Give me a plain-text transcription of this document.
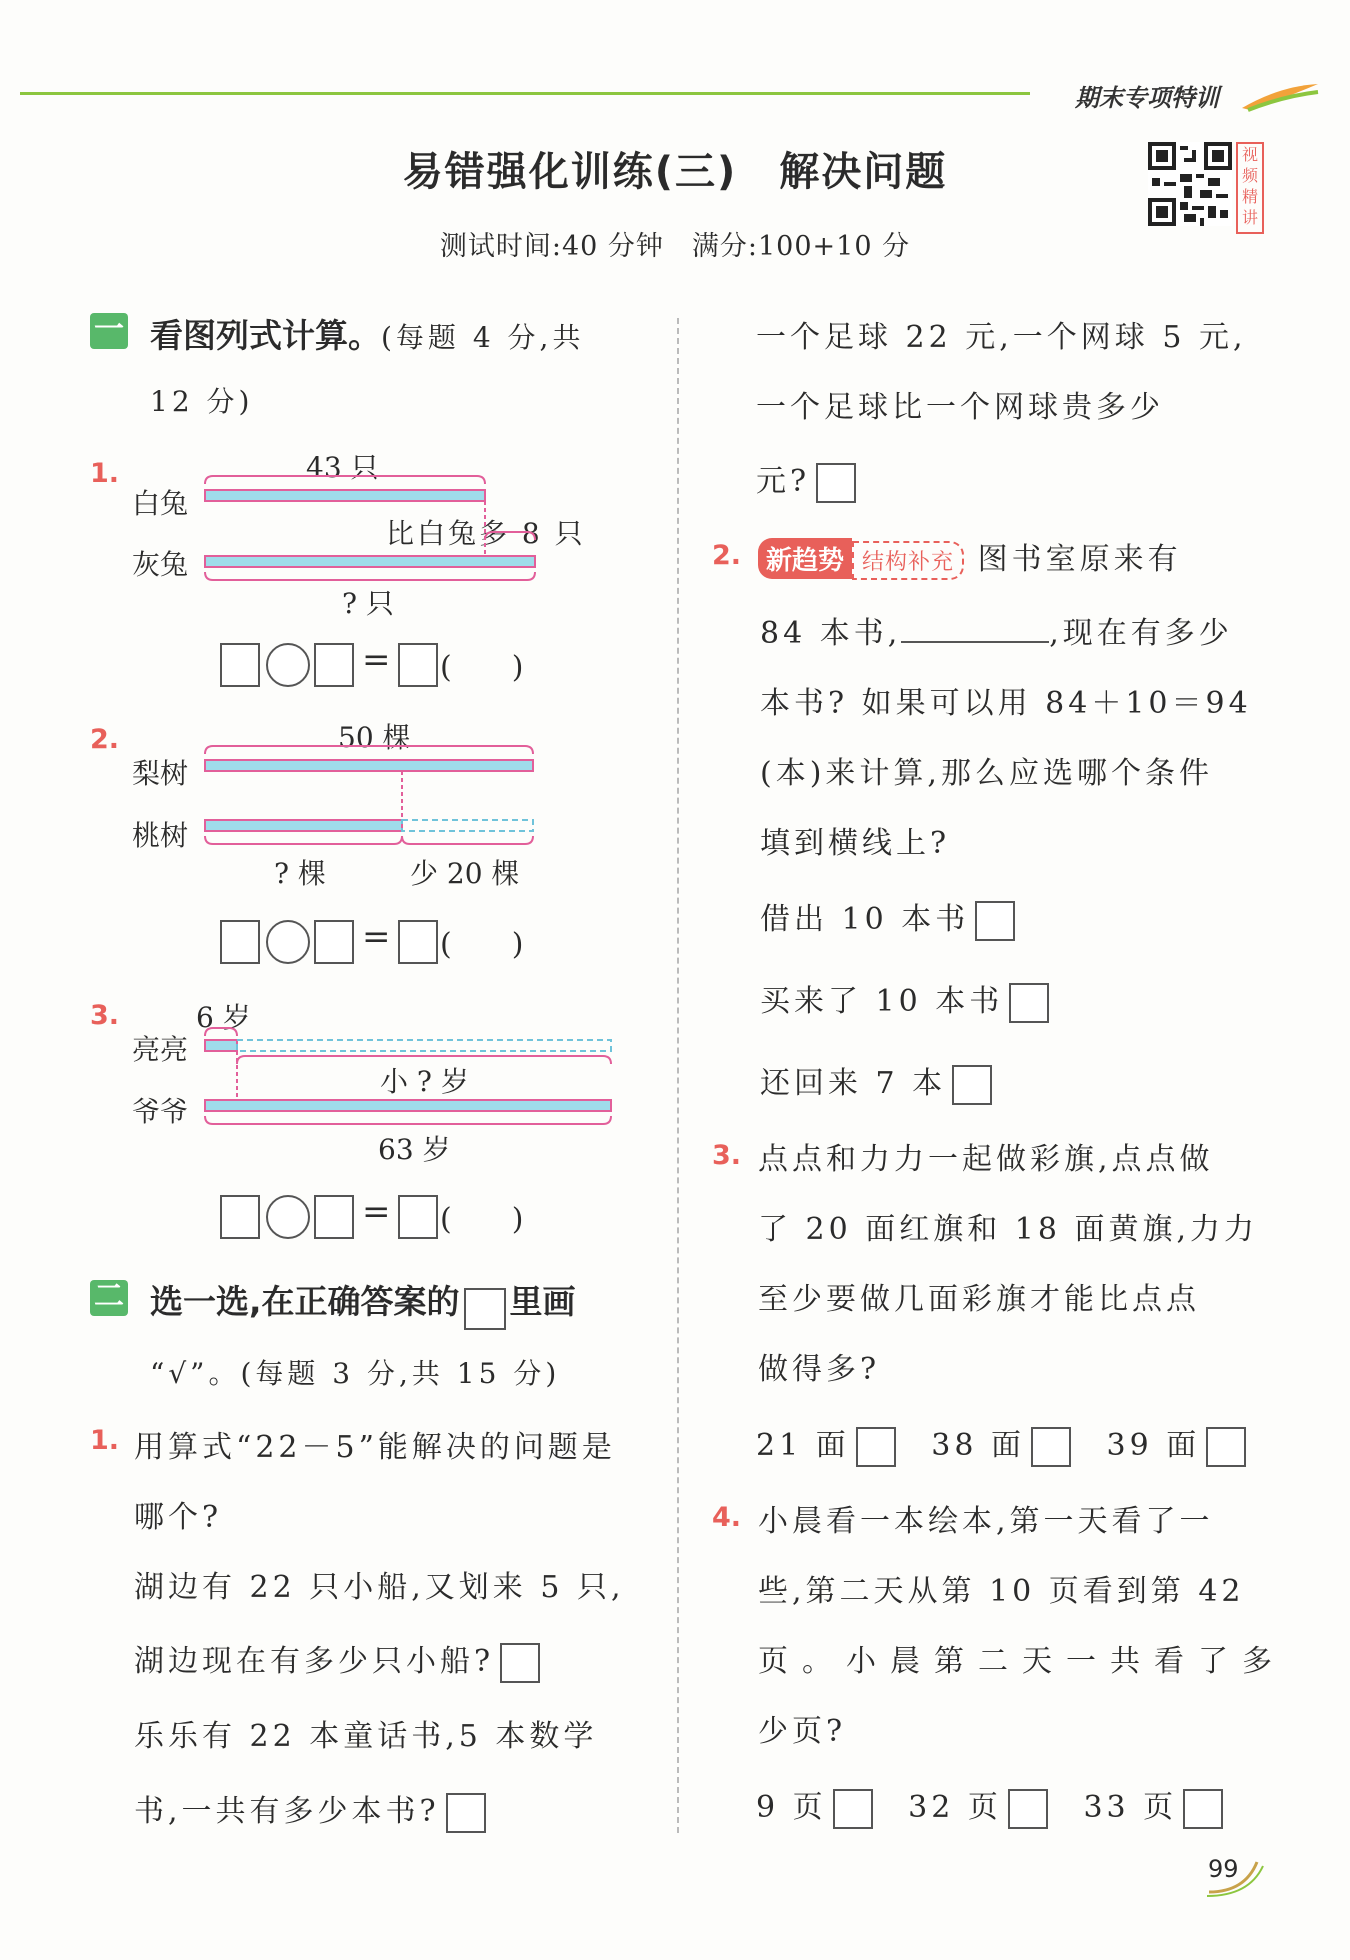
期末专项特训
易错强化训练(三)　解决问题
测试时间:40 分钟　满分:100+10 分
视频精讲
一 看图列式计算。(每题 4 分,共
12 分)
1.
白兔
灰兔
43 只
比白兔多 8 只
? 只
= (　　)
2.
梨树
桃树
50 棵
? 棵	少 20 棵
= (　　)
3.
亮亮
爷爷
6 岁
小 ? 岁
63 岁
= (　　)
二 选一选,在正确答案的 里画
“√”。(每题 3 分,共 15 分)
1. 用算式“22－5”能解决的问题是
哪个?
湖边有 22 只小船,又划来 5 只,
湖边现在有多少只小船?
乐乐有 22 本童话书,5 本数学
书,一共有多少本书?
一个足球 22 元,一个网球 5 元,
一个足球比一个网球贵多少
元?
2. 新趋势 结构补充 图书室原来有
84 本书,	,现在有多少
本书? 如果可以用 84＋10＝94
(本)来计算,那么应选哪个条件
填到横线上?
借出 10 本书
买来了 10 本书
还回来 7 本
3. 点点和力力一起做彩旗,点点做
了 20 面红旗和 18 面黄旗,力力
至少要做几面彩旗才能比点点
做得多?
21 面	38 面	39 面
4. 小晨看一本绘本,第一天看了一
些,第二天从第 10 页看到第 42
页。小晨第二天一共看了多
少页?
9 页	32 页	33 页
99
